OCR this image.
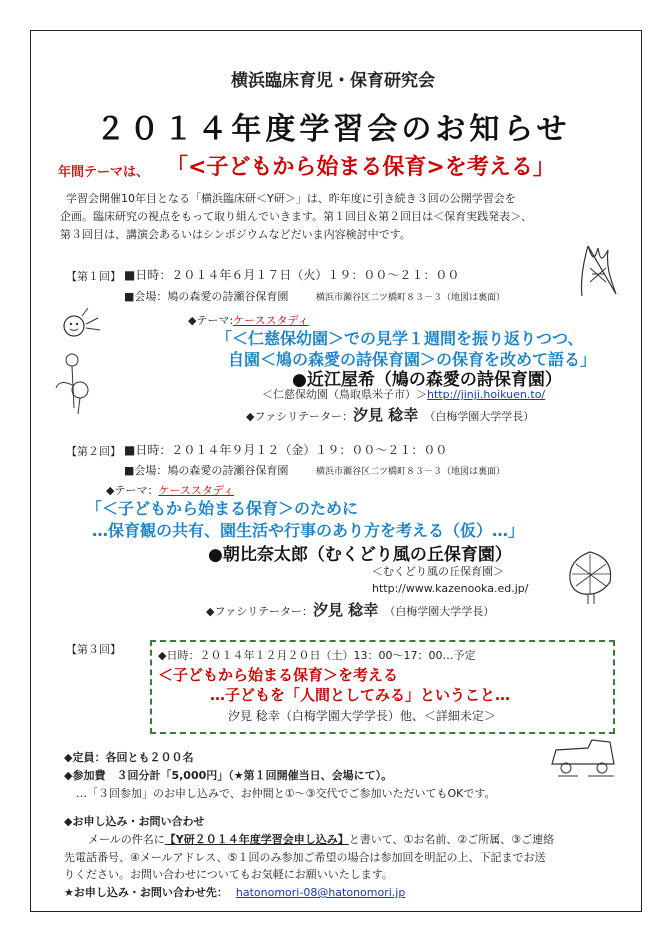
横浜臨床育児・保育研究会
２０１４年度学習会のお知らせ
年間テーマは、 「<子どもから始まる保育>を考える」
学習会開催10年目となる「横浜臨床研＜Y研＞」は、昨年度に引き続き３回の公開学習会を
企画。臨床研究の視点をもって取り組んでいきます。第１回目＆第２回目は＜保育実践発表＞、
第３回目は、講演会あるいはシンポジウムなどだいま内容検討中です。
【第１回】 ■日時：２０１４年６月１７日（火）１９：００～２１：００
■会場：鳩の森愛の詩瀬谷保育園	横浜市瀬谷区二ツ橋町８３－３（地図は裏面）
◆テーマ:ケーススタディ
「＜仁慈保幼園＞での見学１週間を振り返りつつ、
自園＜鳩の森愛の詩保育園＞の保育を改めて語る」
●近江屋希（鳩の森愛の詩保育園）
＜仁慈保幼園（鳥取県米子市）＞http://jinji.hoikuen.to/
◆ファシリテーター：汐見 稔幸 （白梅学園大学学長）
【第２回】 ■日時：２０１４年９月１２（金）１９：００～２１：００
■会場：鳩の森愛の詩瀬谷保育園	横浜市瀬谷区二ツ橋町８３－３（地図は裏面）
◆テーマ：ケーススタディ
「＜子どもから始まる保育＞のために
…保育観の共有、園生活や行事のあり方を考える（仮）…」
●朝比奈太郎（むくどり風の丘保育園）
＜むくどり風の丘保育園＞
http://www.kazenooka.ed.jp/
◆ファシリテーター：汐見 稔幸 （白梅学園大学学長）
【第３回】	◆日時：２０１４年１２月２０日（土）13：00～17：00…予定
＜子どもから始まる保育＞を考える
…子どもを「人間としてみる」ということ…
汐見 稔幸（白梅学園大学学長）他、＜詳細未定＞
◆定員：各回とも２００名
◆参加費　３回分計「5,000円」（★第１回開催当日、会場にて）。
…「３回参加」のお申し込みで、お仲間と①～③交代でご参加いただいてもOKです。
◆お申し込み・お問い合わせ
メールの件名に【Y研２０１４年度学習会申し込み】と書いて、①お名前、②ご所属、③ご連絡
先電話番号、④メールアドレス、⑤１回のみ参加ご希望の場合は参加回を明記の上、下記までお送
りください。お問い合わせについてもお気軽にお願いいたします。
★お申し込み・お問い合わせ先： hatonomori-08@hatonomori.jp
